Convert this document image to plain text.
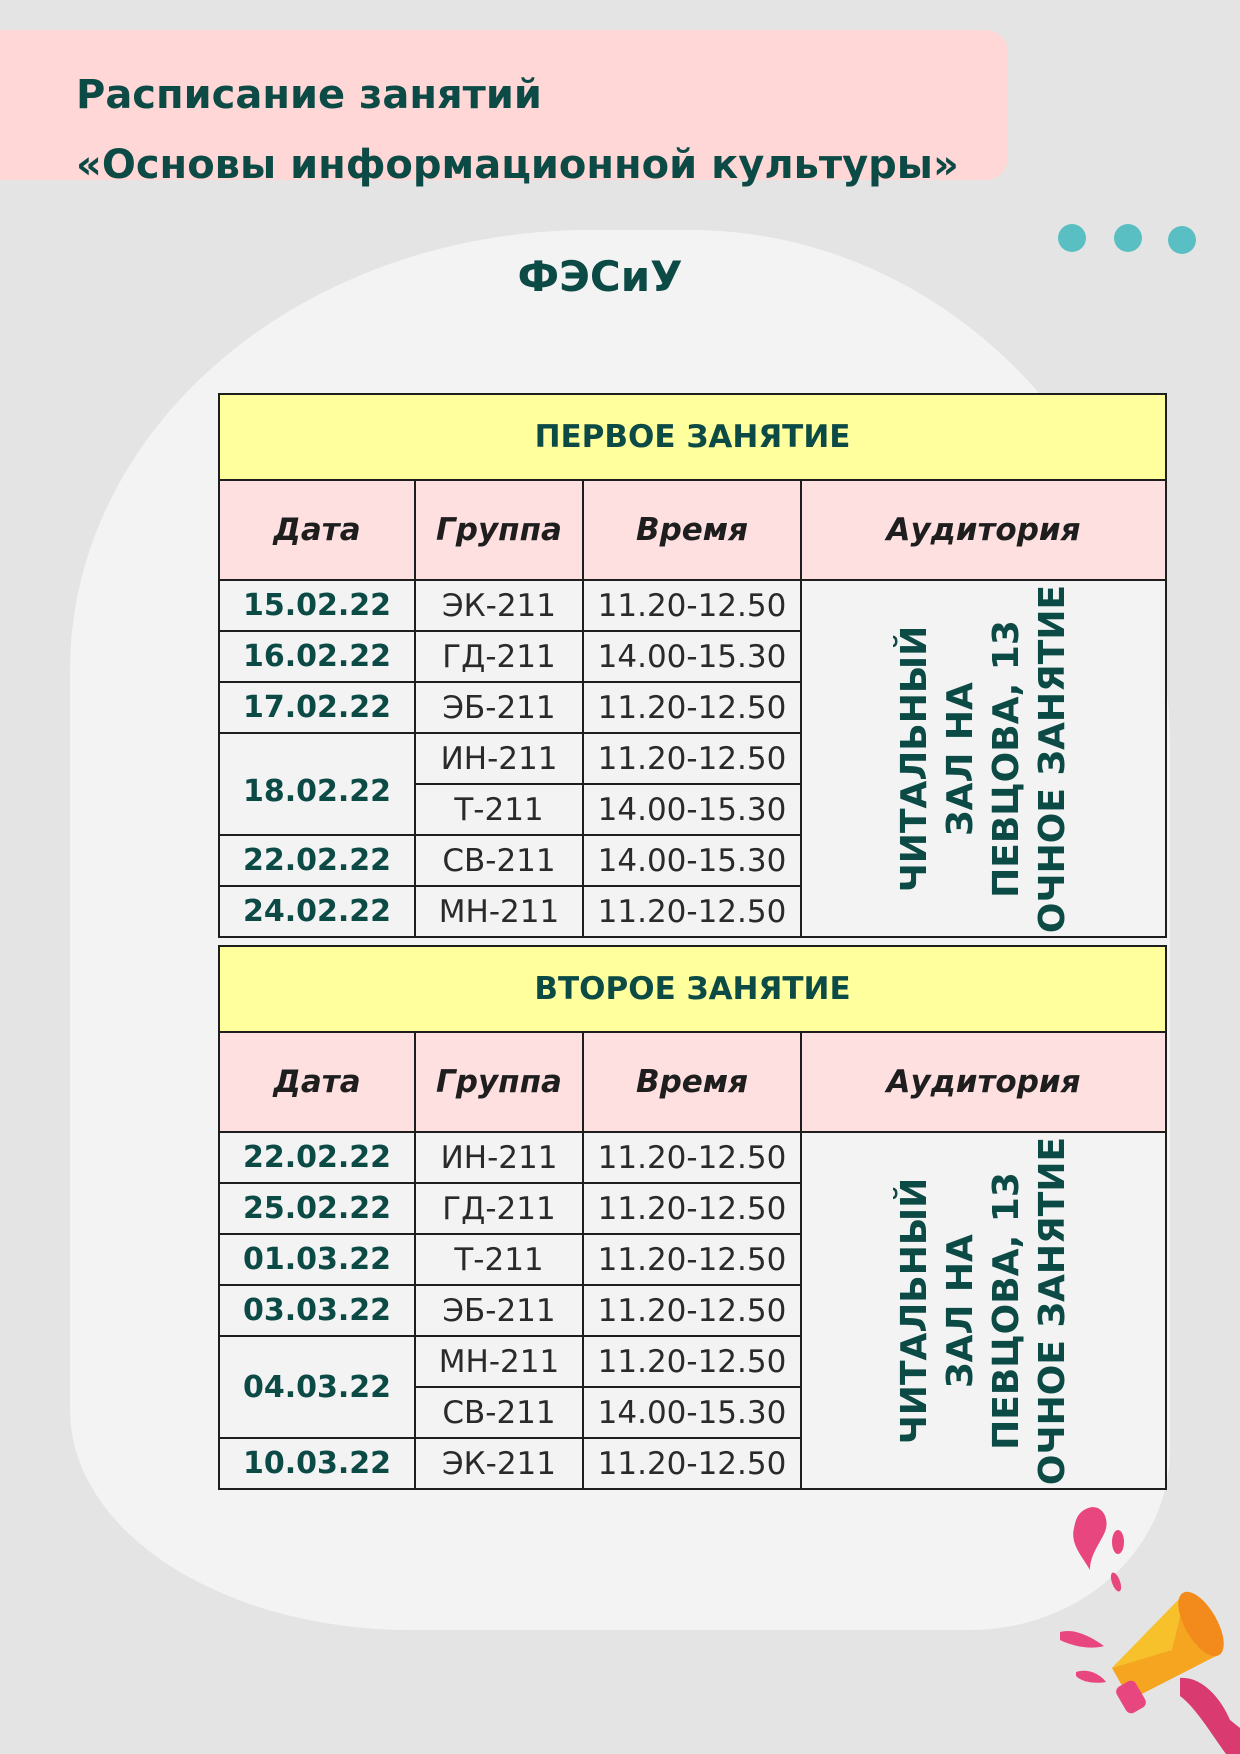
Расписание занятий

«Основы информационной культуры»

ФЭСиУ
ПЕРВОЕ ЗАНЯТИЕ			
Дата	Группа	Время	Аудитория
15.02.22	ЭК-211	11.20-12.50	ЧИТАЛЬНЫЙ ЗАЛ НА ПЕВЦОВА, 13 ОЧНОЕ ЗАНЯТИЕ

16.02.22	ГД-211	14.00-15.30	
17.02.22	ЭБ-211	11.20-12.50	
18.02.22	ИН-211	11.20-12.50	
	Т-211	14.00-15.30	
22.02.22	СВ-211	14.00-15.30	
24.02.22	МН-211	11.20-12.50	
ВТОРОЕ ЗАНЯТИЕ			
Дата	Группа	Время	Аудитория
22.02.22	ИН-211	11.20-12.50	ЧИТАЛЬНЫЙ ЗАЛ НА ПЕВЦОВА, 13 ОЧНОЕ ЗАНЯТИЕ

25.02.22	ГД-211	11.20-12.50	
01.03.22	Т-211	11.20-12.50	
03.03.22	ЭБ-211	11.20-12.50	
04.03.22	МН-211	11.20-12.50	
	СВ-211	14.00-15.30	
10.03.22	ЭК-211	11.20-12.50	
